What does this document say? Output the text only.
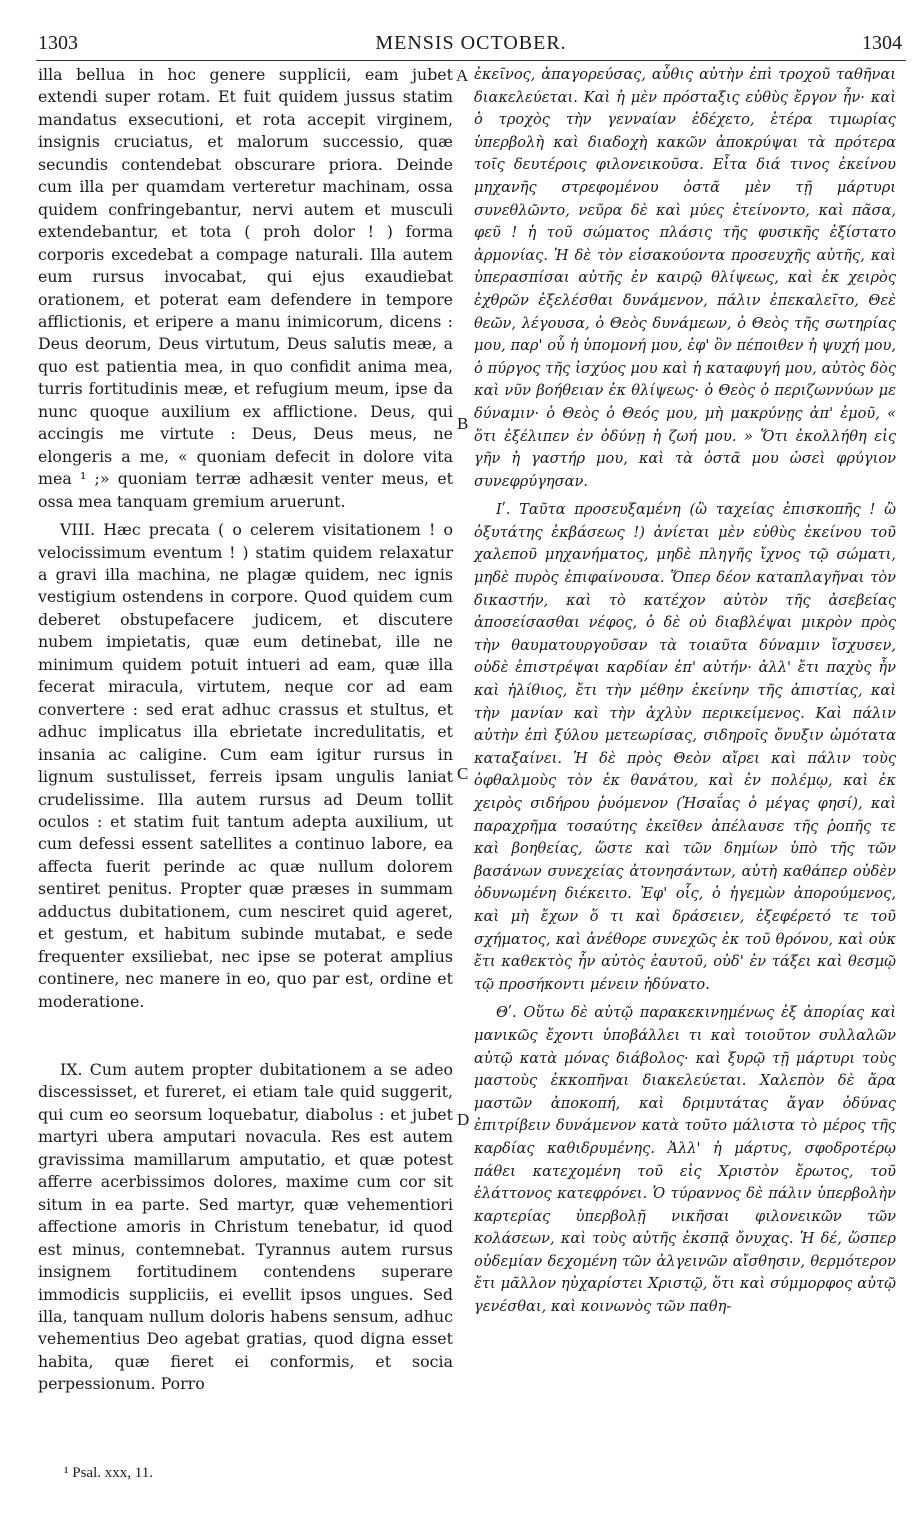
1303	MENSIS OCTOBER.	1304

illa bellua in hoc genere supplicii, eam jubet extendi super rotam. Et fuit quidem jussus statim mandatus exsecutioni, et rota accepit virginem, insignis cruciatus, et malorum successio, quæ secundis contendebat obscurare priora. Deinde cum illa per quamdam verteretur machinam, ossa quidem confringebantur, nervi autem et musculi extendebantur, et tota ( proh dolor ! ) forma corporis excedebat a compage naturali. Illa autem eum rursus invocabat, qui ejus exaudiebat orationem, et poterat eam defendere in tempore afflictionis, et eripere a manu inimicorum, dicens : Deus deorum, Deus virtutum, Deus salutis meæ, a quo est patientia mea, in quo confidit anima mea, turris fortitudinis meæ, et refugium meum, ipse da nunc quoque auxilium ex afflictione. Deus, qui accingis me virtute : Deus, Deus meus, ne elongeris a me, « quoniam defecit in dolore vita mea ¹ ;» quoniam terræ adhæsit venter meus, et ossa mea tanquam gremium aruerunt.

VIII. Hæc precata ( o celerem visitationem ! o velocissimum eventum ! ) statim quidem relaxatur a gravi illa machina, ne plagæ quidem, nec ignis vestigium ostendens in corpore. Quod quidem cum deberet obstupefacere judicem, et discutere nubem impietatis, quæ eum detinebat, ille ne minimum quidem potuit intueri ad eam, quæ illa fecerat miracula, virtutem, neque cor ad eam convertere : sed erat adhuc crassus et stultus, et adhuc implicatus illa ebrietate incredulitatis, et insania ac caligine. Cum eam igitur rursus in lignum sustulisset, ferreis ipsam ungulis laniat crudelissime. Illa autem rursus ad Deum tollit oculos : et statim fuit tantum adepta auxilium, ut cum defessi essent satellites a continuo labore, ea affecta fuerit perinde ac quæ nullum dolorem sentiret penitus. Propter quæ præses in summam adductus dubitationem, cum nesciret quid ageret, et gestum, et habitum subinde mutabat, e sede frequenter exsiliebat, nec ipse se poterat amplius continere, nec manere in eo, quo par est, ordine et moderatione.

IX. Cum autem propter dubitationem a se adeo discessisset, et fureret, ei etiam tale quid suggerit, qui cum eo seorsum loquebatur, diabolus : et jubet martyri ubera amputari novacula. Res est autem gravissima mamillarum amputatio, et quæ potest afferre acerbissimos dolores, maxime cum cor sit situm in ea parte. Sed martyr, quæ vehementiori affectione amoris in Christum tenebatur, id quod est minus, contemnebat. Tyrannus autem rursus insignem fortitudinem contendens superare immodicis suppliciis, ei evellit ipsos ungues. Sed illa, tanquam nullum doloris habens sensum, adhuc vehementius Deo agebat gratias, quod digna esset habita, quæ fieret ei conformis, et socia perpessionum. Porro

ἐκεῖνος, ἀπαγορεύσας, αὖθις αὐτὴν ἐπὶ τροχοῦ ταθῆναι διακελεύεται. Καὶ ἡ μὲν πρόσταξις εὐθὺς ἔργον ἦν· καὶ ὁ τροχὸς τὴν γενναίαν ἐδέχετο, ἑτέρα τιμωρίας ὑπερβολὴ καὶ διαδοχὴ κακῶν ἀποκρύψαι τὰ πρότερα τοῖς δευτέροις φιλονεικοῦσα. Εἶτα διά τινος ἐκείνου μηχανῆς στρεφομένου ὀστᾶ μὲν τῇ μάρτυρι συνεθλῶντο, νεῦρα δὲ καὶ μύες ἐτείνοντο, καὶ πᾶσα, φεῦ ! ἡ τοῦ σώματος πλάσις τῆς φυσικῆς ἐξίστατο ἁρμονίας. Ἡ δὲ τὸν εἰσακούοντα προσευχῆς αὐτῆς, καὶ ὑπερασπίσαι αὐτῆς ἐν καιρῷ θλίψεως, καὶ ἐκ χειρὸς ἐχθρῶν ἐξελέσθαι δυνάμενον, πάλιν ἐπεκαλεῖτο, Θεὲ θεῶν, λέγουσα, ὁ Θεὸς δυνάμεων, ὁ Θεὸς τῆς σωτηρίας μου, παρ' οὗ ἡ ὑπομονή μου, ἐφ' ὃν πέποιθεν ἡ ψυχή μου, ὁ πύργος τῆς ἰσχύος μου καὶ ἡ καταφυγή μου, αὐτὸς δὸς καὶ νῦν βοήθειαν ἐκ θλίψεως· ὁ Θεὸς ὁ περιζωννύων με δύναμιν· ὁ Θεὸς ὁ Θεός μου, μὴ μακρύνῃς ἀπ' ἐμοῦ, « ὅτι ἐξέλιπεν ἐν ὀδύνῃ ἡ ζωή μου. » Ὅτι ἐκολλήθη εἰς γῆν ἡ γαστήρ μου, καὶ τὰ ὀστᾶ μου ὡσεὶ φρύγιον συνεφρύγησαν.

Ιʹ. Ταῦτα προσευξαμένη (ὢ ταχείας ἐπισκοπῆς ! ὢ ὀξυτάτης ἐκβάσεως !) ἀνίεται μὲν εὐθὺς ἐκείνου τοῦ χαλεποῦ μηχανήματος, μηδὲ πληγῆς ἴχνος τῷ σώματι, μηδὲ πυρὸς ἐπιφαίνουσα. Ὅπερ δέον καταπλαγῆναι τὸν δικαστήν, καὶ τὸ κατέχον αὐτὸν τῆς ἀσεβείας ἀποσείσασθαι νέφος, ὁ δὲ οὐ διαβλέψαι μικρὸν πρὸς τὴν θαυματουργοῦσαν τὰ τοιαῦτα δύναμιν ἴσχυσεν, οὐδὲ ἐπιστρέψαι καρδίαν ἐπ' αὐτήν· ἀλλ' ἔτι παχὺς ἦν καὶ ἠλίθιος, ἔτι τὴν μέθην ἐκείνην τῆς ἀπιστίας, καὶ τὴν μανίαν καὶ τὴν ἀχλὺν περικείμενος. Καὶ πάλιν αὐτὴν ἐπὶ ξύλου μετεωρίσας, σιδηροῖς ὄνυξιν ὠμότατα καταξαίνει. Ἡ δὲ πρὸς Θεὸν αἴρει καὶ πάλιν τοὺς ὀφθαλμοὺς τὸν ἐκ θανάτου, καὶ ἐν πολέμῳ, καὶ ἐκ χειρὸς σιδήρου ῥυόμενον (Ἡσαΐας ὁ μέγας φησί), καὶ παραχρῆμα τοσαύτης ἐκεῖθεν ἀπέλαυσε τῆς ῥοπῆς τε καὶ βοηθείας, ὥστε καὶ τῶν δημίων ὑπὸ τῆς τῶν βασάνων συνεχείας ἀτονησάντων, αὐτὴ καθάπερ οὐδὲν ὀδυνωμένη διέκειτο. Ἐφ' οἷς, ὁ ἡγεμὼν ἀπορούμενος, καὶ μὴ ἔχων ὅ τι καὶ δράσειεν, ἐξεφέρετό τε τοῦ σχήματος, καὶ ἀνέθορε συνεχῶς ἐκ τοῦ θρόνου, καὶ οὐκ ἔτι καθεκτὸς ἦν αὐτὸς ἑαυτοῦ, οὐδ' ἐν τάξει καὶ θεσμῷ τῷ προσήκοντι μένειν ἠδύνατο.

Θʹ. Οὕτω δὲ αὐτῷ παρακεκινημένως ἐξ ἀπορίας καὶ μανικῶς ἔχοντι ὑποβάλλει τι καὶ τοιοῦτον συλλαλῶν αὐτῷ κατὰ μόνας διάβολος· καὶ ξυρῷ τῇ μάρτυρι τοὺς μαστοὺς ἐκκοπῆναι διακελεύεται. Χαλεπὸν δὲ ἄρα μαστῶν ἀποκοπή, καὶ δριμυτάτας ἄγαν ὀδύνας ἐπιτρίβειν δυνάμενον κατὰ τοῦτο μάλιστα τὸ μέρος τῆς καρδίας καθιδρυμένης. Ἀλλ' ἡ μάρτυς, σφοδροτέρῳ πάθει κατεχομένη τοῦ εἰς Χριστὸν ἔρωτος, τοῦ ἐλάττονος κατεφρόνει. Ὁ τύραννος δὲ πάλιν ὑπερβολὴν καρτερίας ὑπερβολῇ νικῆσαι φιλονεικῶν τῶν κολάσεων, καὶ τοὺς αὐτῆς ἐκσπᾷ ὄνυχας. Ἡ δέ, ὥσπερ οὐδεμίαν δεχομένη τῶν ἀλγεινῶν αἴσθησιν, θερμότερον ἔτι μᾶλλον ηὐχαρίστει Χριστῷ, ὅτι καὶ σύμμορφος αὐτῷ γενέσθαι, καὶ κοινωνὸς τῶν παθη-

A
B
C
D
¹ Psal. xxx, 11.
